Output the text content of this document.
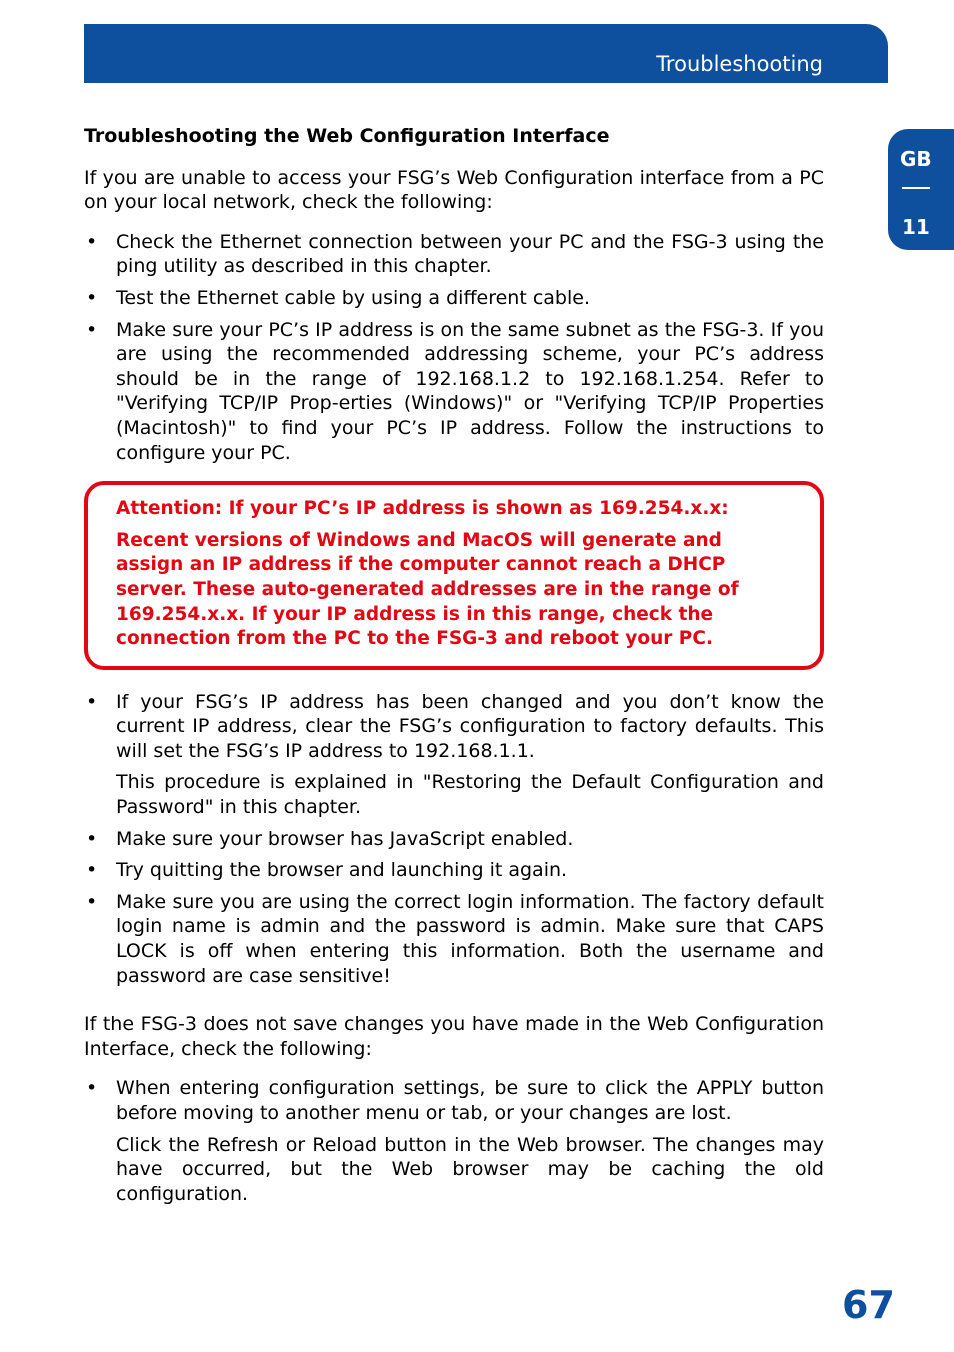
Troubleshooting
GB
11
Troubleshooting the Web Configuration Interface

If you are unable to access your FSG’s Web Configuration interface from a PC on your local network, check the following:

• Check the Ethernet connection between your PC and the FSG-3 using the ping utility as described in this chapter.
• Test the Ethernet cable by using a different cable.
• Make sure your PC’s IP address is on the same subnet as the FSG-3. If you are using the recommended addressing scheme, your PC’s address should be in the range of 192.168.1.2 to 192.168.1.254. Refer to "Verifying TCP/IP Prop-erties (Windows)" or "Verifying TCP/IP Properties (Macintosh)" to find your PC’s IP address. Follow the instructions to configure your PC.
Attention: If your PC’s IP address is shown as 169.254.x.x:
Recent versions of Windows and MacOS will generate and assign an IP address if the computer cannot reach a DHCP server. These auto-generated addresses are in the range of 169.254.x.x. If your IP address is in this range, check the connection from the PC to the FSG-3 and reboot your PC.
• If your FSG’s IP address has been changed and you don’t know the current IP address, clear the FSG’s configuration to factory defaults. This will set the FSG’s IP address to 192.168.1.1.
This procedure is explained in "Restoring the Default Configuration and Password" in this chapter.
• Make sure your browser has JavaScript enabled.
• Try quitting the browser and launching it again.
• Make sure you are using the correct login information. The factory default login name is admin and the password is admin. Make sure that CAPS LOCK is off when entering this information. Both the username and password are case sensitive!

If the FSG-3 does not save changes you have made in the Web Configuration Interface, check the following:

• When entering configuration settings, be sure to click the APPLY button before moving to another menu or tab, or your changes are lost.
Click the Refresh or Reload button in the Web browser. The changes may have occurred, but the Web browser may be caching the old configuration.
67
